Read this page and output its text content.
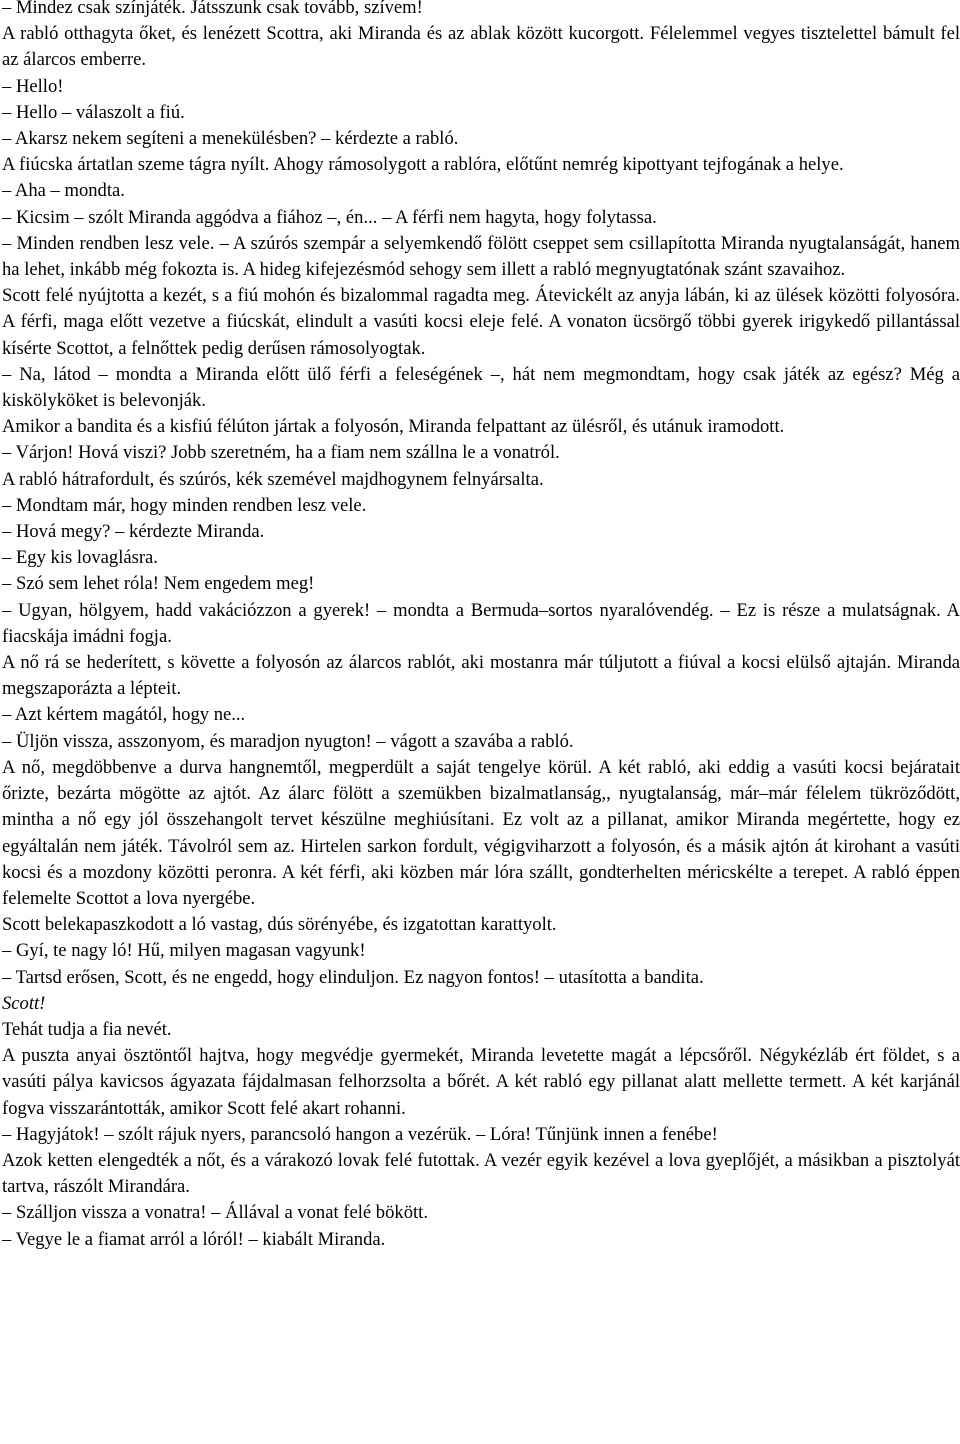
– Mindez csak színjáték. Játsszunk csak tovább, szívem!

A rabló otthagyta őket, és lenézett Scottra, aki Miranda és az ablak között kucorgott. Félelemmel vegyes tisztelettel bámult fel az álarcos emberre.

– Hello!

– Hello – válaszolt a fiú.

– Akarsz nekem segíteni a menekülésben? – kérdezte a rabló.

A fiúcska ártatlan szeme tágra nyílt. Ahogy rámosolygott a rablóra, előtűnt nemrég kipottyant tejfogának a helye.

– Aha – mondta.

– Kicsim – szólt Miranda aggódva a fiához –, én... – A férfi nem hagyta, hogy folytassa.

– Minden rendben lesz vele. – A szúrós szempár a selyemkendő fölött cseppet sem csillapította Miranda nyugtalanságát, hanem ha lehet, inkább még fokozta is. A hideg kifejezésmód sehogy sem illett a rabló megnyugtatónak szánt szavaihoz.

Scott felé nyújtotta a kezét, s a fiú mohón és bizalommal ragadta meg. Átevickélt az anyja lábán, ki az ülések közötti folyosóra. A férfi, maga előtt vezetve a fiúcskát, elindult a vasúti kocsi eleje felé. A vonaton ücsörgő többi gyerek irigykedő pillantással kísérte Scottot, a felnőttek pedig derűsen rámosolyogtak.

– Na, látod – mondta a Miranda előtt ülő férfi a feleségének –, hát nem megmondtam, hogy csak játék az egész? Még a kiskölyköket is belevonják.

Amikor a bandita és a kisfiú félúton jártak a folyosón, Miranda felpattant az ülésről, és utánuk iramodott.

– Várjon! Hová viszi? Jobb szeretném, ha a fiam nem szállna le a vonatról.

A rabló hátrafordult, és szúrós, kék szemével majdhogynem felnyársalta.

– Mondtam már, hogy minden rendben lesz vele.

– Hová megy? – kérdezte Miranda.

– Egy kis lovaglásra.

– Szó sem lehet róla! Nem engedem meg!

– Ugyan, hölgyem, hadd vakációzzon a gyerek! – mondta a Bermuda–sortos nyaralóvendég. – Ez is része a mulatságnak. A fiacskája imádni fogja.

A nő rá se hederített, s követte a folyosón az álarcos rablót, aki mostanra már túljutott a fiúval a kocsi elülső ajtaján. Miranda megszaporázta a lépteit.

– Azt kértem magától, hogy ne...

– Üljön vissza, asszonyom, és maradjon nyugton! – vágott a szavába a rabló.

A nő, megdöbbenve a durva hangnemtől, megperdült a saját tengelye körül. A két rabló, aki eddig a vasúti kocsi bejáratait őrizte, bezárta mögötte az ajtót. Az álarc fölött a szemükben bizalmatlanság,, nyugtalanság, már–már félelem tükröződött, mintha a nő egy jól összehangolt tervet készülne meghiúsítani. Ez volt az a pillanat, amikor Miranda megértette, hogy ez egyáltalán nem játék. Távolról sem az. Hirtelen sarkon fordult, végigviharzott a folyosón, és a másik ajtón át kirohant a vasúti kocsi és a mozdony közötti peronra. A két férfi, aki közben már lóra szállt, gondterhelten méricskélte a terepet. A rabló éppen felemelte Scottot a lova nyergébe.

Scott belekapaszkodott a ló vastag, dús sörényébe, és izgatottan karattyolt.

– Gyí, te nagy ló! Hű, milyen magasan vagyunk!

– Tartsd erősen, Scott, és ne engedd, hogy elinduljon. Ez nagyon fontos! – utasította a bandita.

Scott!

Tehát tudja a fia nevét.

A puszta anyai ösztöntől hajtva, hogy megvédje gyermekét, Miranda levetette magát a lépcsőről. Négykézláb ért földet, s a vasúti pálya kavicsos ágyazata fájdalmasan felhorzsolta a bőrét. A két rabló egy pillanat alatt mellette termett. A két karjánál fogva visszarántották, amikor Scott felé akart rohanni.

– Hagyjátok! – szólt rájuk nyers, parancsoló hangon a vezérük. – Lóra! Tűnjünk innen a fenébe!

Azok ketten elengedték a nőt, és a várakozó lovak felé futottak. A vezér egyik kezével a lova gyeplőjét, a másikban a pisztolyát tartva, rászólt Mirandára.

– Szálljon vissza a vonatra! – Állával a vonat felé bökött.

– Vegye le a fiamat arról a lóról! – kiabált Miranda.
